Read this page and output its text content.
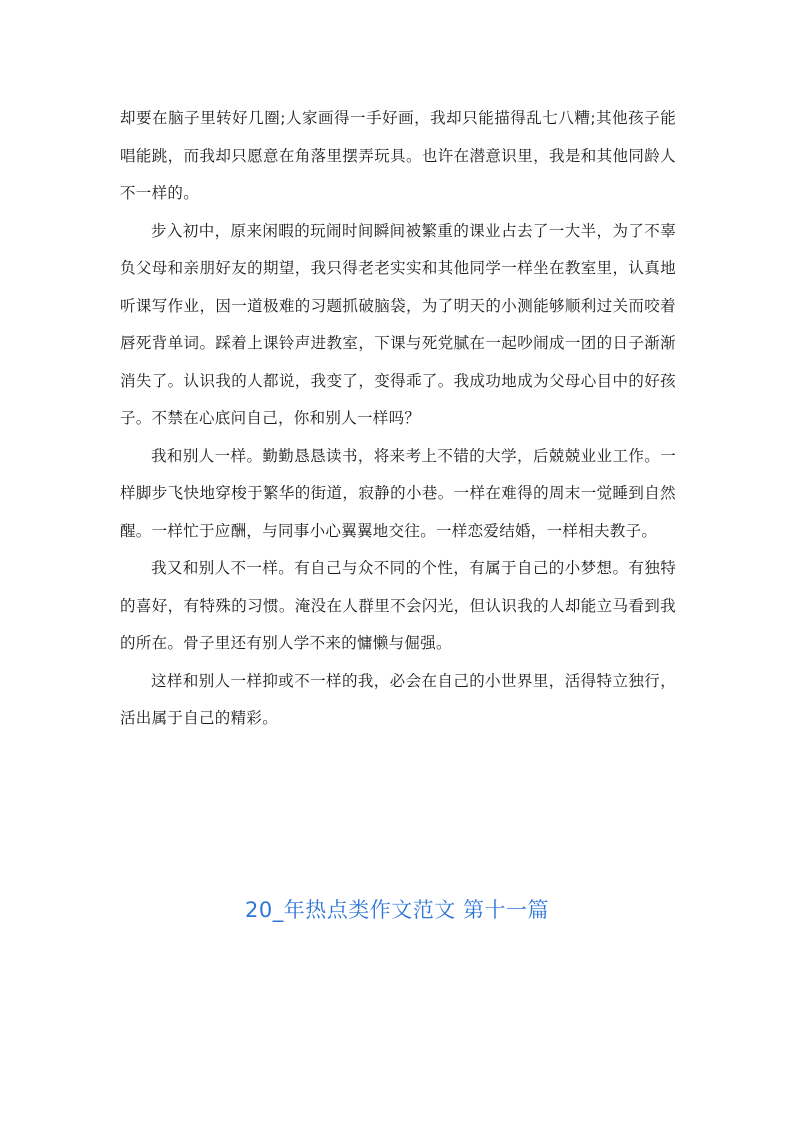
却要在脑子里转好几圈;人家画得一手好画，我却只能描得乱七八糟;其他孩子能唱能跳，而我却只愿意在角落里摆弄玩具。也许在潜意识里，我是和其他同龄人不一样的。

步入初中，原来闲暇的玩闹时间瞬间被繁重的课业占去了一大半，为了不辜负父母和亲朋好友的期望，我只得老老实实和其他同学一样坐在教室里，认真地听课写作业，因一道极难的习题抓破脑袋，为了明天的小测能够顺利过关而咬着唇死背单词。踩着上课铃声进教室，下课与死党腻在一起吵闹成一团的日子渐渐消失了。认识我的人都说，我变了，变得乖了。我成功地成为父母心目中的好孩子。不禁在心底问自己，你和别人一样吗？

我和别人一样。勤勤恳恳读书，将来考上不错的大学，后兢兢业业工作。一样脚步飞快地穿梭于繁华的街道，寂静的小巷。一样在难得的周末一觉睡到自然醒。一样忙于应酬，与同事小心翼翼地交往。一样恋爱结婚，一样相夫教子。

我又和别人不一样。有自己与众不同的个性，有属于自己的小梦想。有独特的喜好，有特殊的习惯。淹没在人群里不会闪光，但认识我的人却能立马看到我的所在。骨子里还有别人学不来的慵懒与倔强。

这样和别人一样抑或不一样的我，必会在自己的小世界里，活得特立独行，活出属于自己的精彩。

20_年热点类作文范文 第十一篇
